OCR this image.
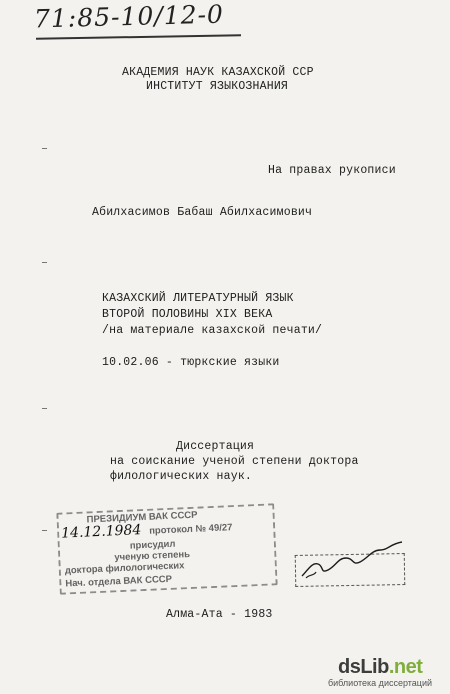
71:85-10/12-0
АКАДЕМИЯ НАУК КАЗАХСКОЙ ССР
ИНСТИТУТ ЯЗЫКОЗНАНИЯ
На правах рукописи
Абилхасимов Бабаш Абилхасимович
КАЗАХСКИЙ ЛИТЕРАТУРНЫЙ ЯЗЫК
ВТОРОЙ ПОЛОВИНЫ XIX ВЕКА
/на материале казахской печати/
10.02.06 - тюркские языки
Диссертация
на соискание ученой степени доктора
филологических наук.
ПРЕЗИДИУМ ВАК СССР
14.12.1984 протокол № 49/27
присудил
ученую степень
доктора филологических
Нач. отдела ВАК СССР
Алма-Ата - 1983
dsLib.net
библиотека диссертаций
